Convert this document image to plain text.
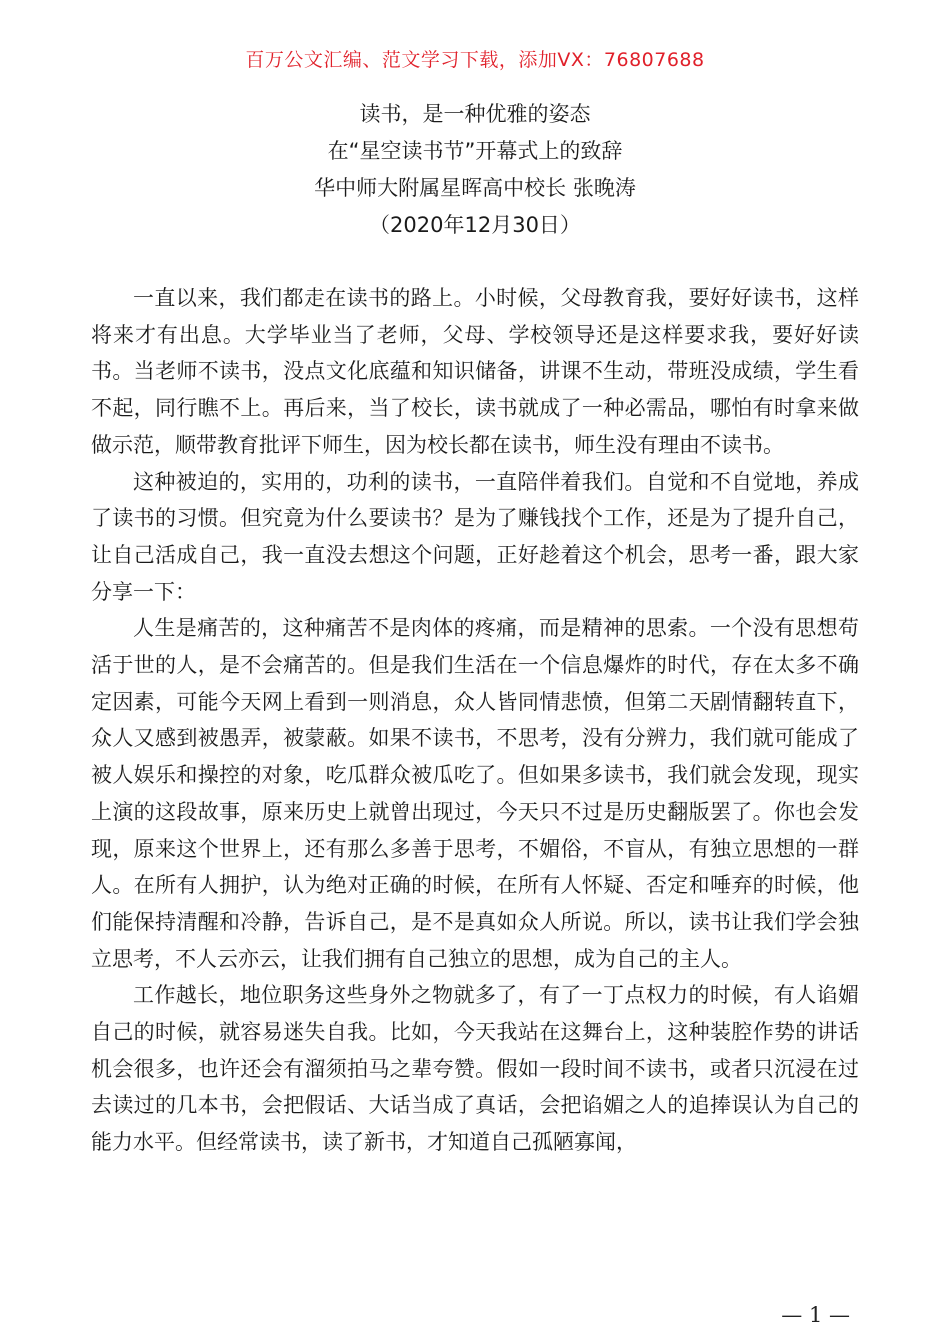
百万公文汇编、范文学习下载，添加VX：76807688
读书，是一种优雅的姿态
在“星空读书节”开幕式上的致辞
华中师大附属星晖高中校长 张晚涛
（2020年12月30日）

一直以来，我们都走在读书的路上。小时候，父母教育我，要好好读书，这样将来才有出息。大学毕业当了老师，父母、学校领导还是这样要求我，要好好读书。当老师不读书，没点文化底蕴和知识储备，讲课不生动，带班没成绩，学生看不起，同行瞧不上。再后来，当了校长，读书就成了一种必需品，哪怕有时拿来做做示范，顺带教育批评下师生，因为校长都在读书，师生没有理由不读书。

这种被迫的，实用的，功利的读书，一直陪伴着我们。自觉和不自觉地，养成了读书的习惯。但究竟为什么要读书？是为了赚钱找个工作，还是为了提升自己，让自己活成自己，我一直没去想这个问题，正好趁着这个机会，思考一番，跟大家分享一下：

人生是痛苦的，这种痛苦不是肉体的疼痛，而是精神的思索。一个没有思想苟活于世的人，是不会痛苦的。但是我们生活在一个信息爆炸的时代，存在太多不确定因素，可能今天网上看到一则消息，众人皆同情悲愤，但第二天剧情翻转直下，众人又感到被愚弄，被蒙蔽。如果不读书，不思考，没有分辨力，我们就可能成了被人娱乐和操控的对象，吃瓜群众被瓜吃了。但如果多读书，我们就会发现，现实上演的这段故事，原来历史上就曾出现过，今天只不过是历史翻版罢了。你也会发现，原来这个世界上，还有那么多善于思考，不媚俗，不盲从，有独立思想的一群人。在所有人拥护，认为绝对正确的时候，在所有人怀疑、否定和唾弃的时候，他们能保持清醒和冷静，告诉自己，是不是真如众人所说。所以，读书让我们学会独立思考，不人云亦云，让我们拥有自己独立的思想，成为自己的主人。

工作越长，地位职务这些身外之物就多了，有了一丁点权力的时候，有人谄媚自己的时候，就容易迷失自我。比如，今天我站在这舞台上，这种装腔作势的讲话机会很多，也许还会有溜须拍马之辈夸赞。假如一段时间不读书，或者只沉浸在过去读过的几本书，会把假话、大话当成了真话，会把谄媚之人的追捧误认为自己的能力水平。但经常读书，读了新书，才知道自己孤陋寡闻，

— 1 —
